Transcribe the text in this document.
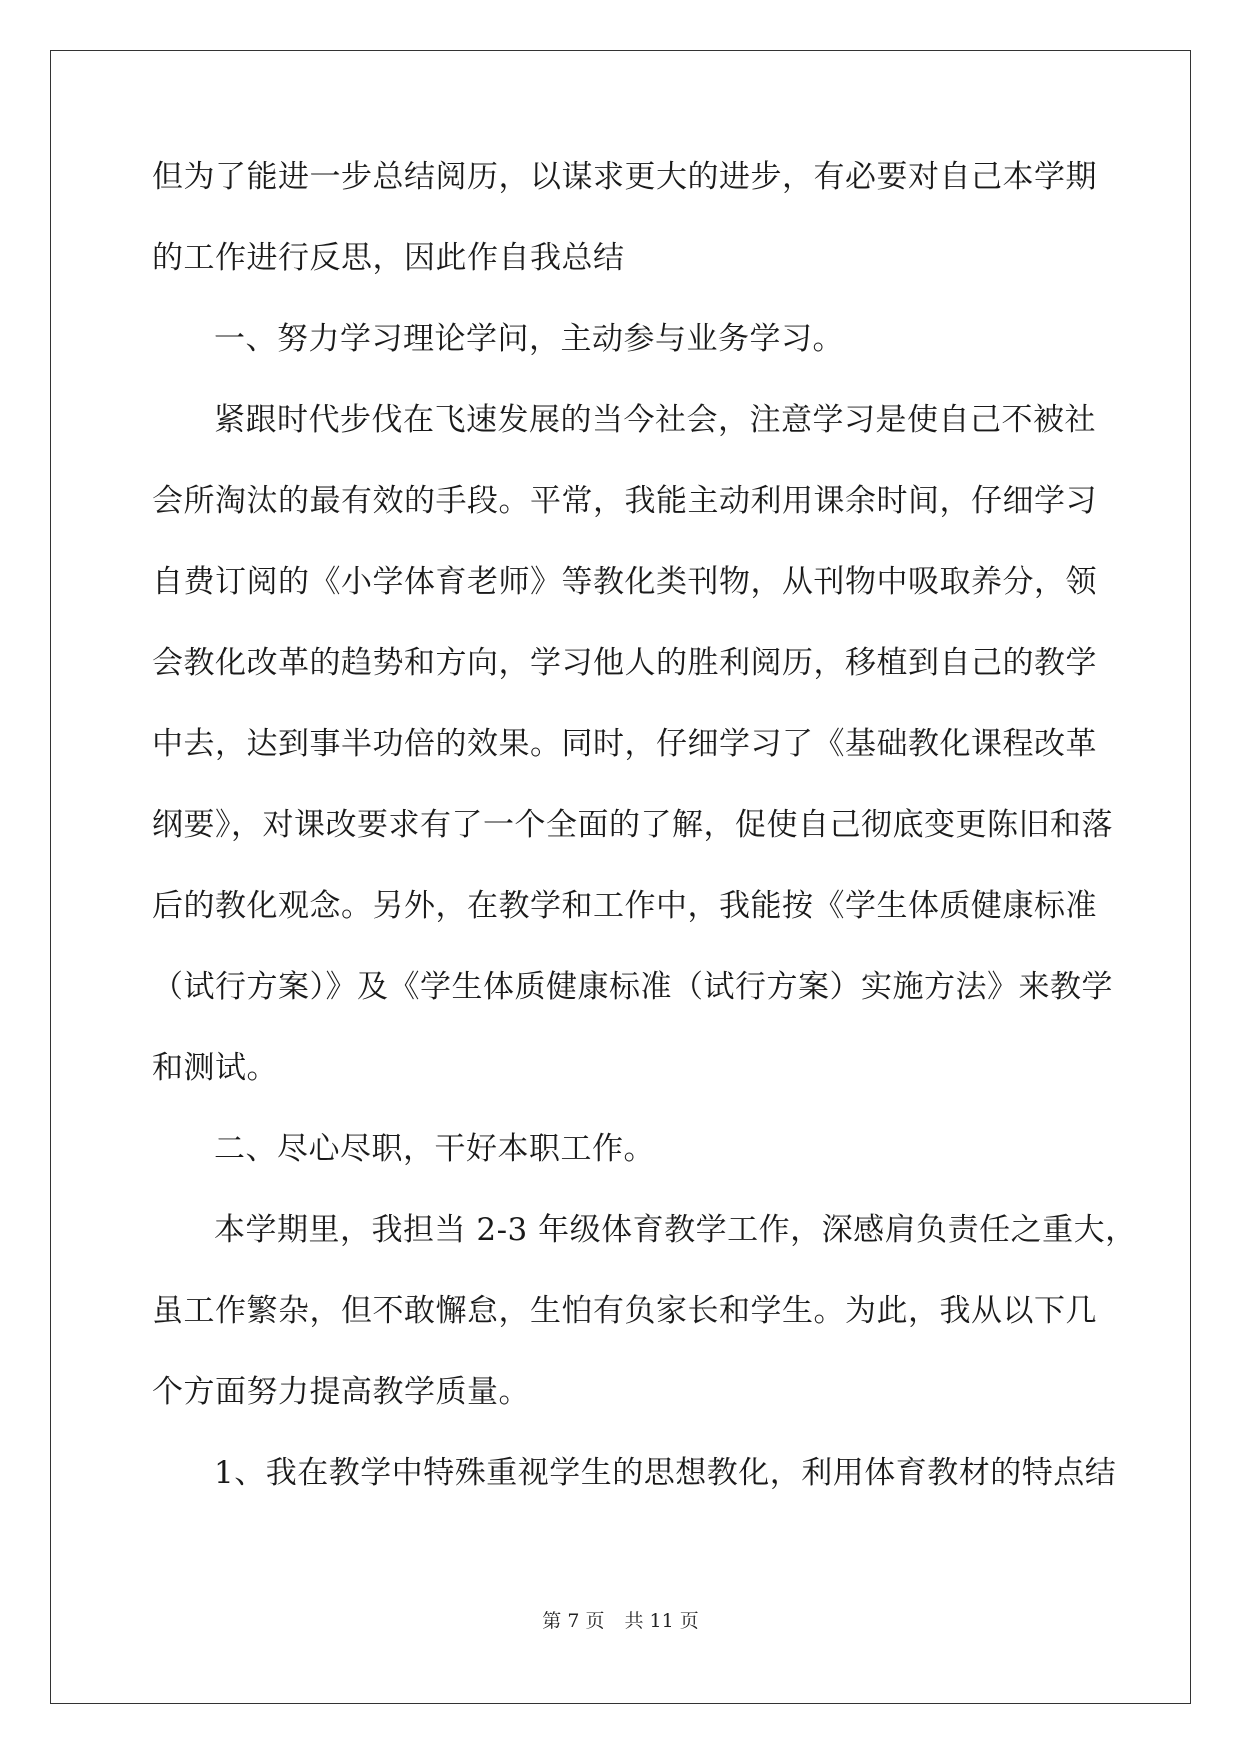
但为了能进一步总结阅历，以谋求更大的进步，有必要对自己本学期
的工作进行反思，因此作自我总结
一、努力学习理论学问，主动参与业务学习。
紧跟时代步伐在飞速发展的当今社会，注意学习是使自己不被社
会所淘汰的最有效的手段。平常，我能主动利用课余时间，仔细学习
自费订阅的《小学体育老师》等教化类刊物，从刊物中吸取养分，领
会教化改革的趋势和方向，学习他人的胜利阅历，移植到自己的教学
中去，达到事半功倍的效果。同时，仔细学习了《基础教化课程改革
纲要》，对课改要求有了一个全面的了解，促使自己彻底变更陈旧和落
后的教化观念。另外，在教学和工作中，我能按《学生体质健康标准
（试行方案）》及《学生体质健康标准（试行方案）实施方法》来教学
和测试。
二、尽心尽职，干好本职工作。
本学期里，我担当 2-3 年级体育教学工作，深感肩负责任之重大，
虽工作繁杂，但不敢懈怠，生怕有负家长和学生。为此，我从以下几
个方面努力提高教学质量。
1、我在教学中特殊重视学生的思想教化，利用体育教材的特点结
第 7 页 共 11 页
